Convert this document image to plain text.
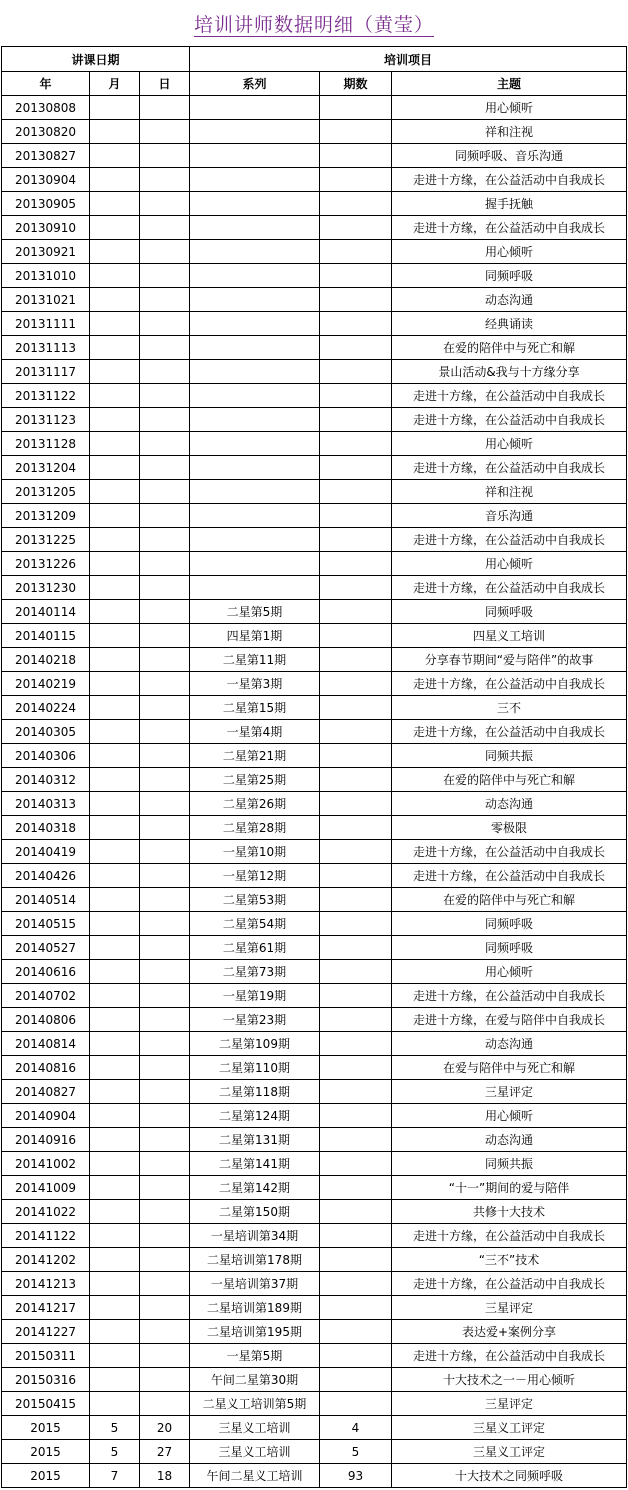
培训讲师数据明细（黄莹）
讲课日期			培训项目		
年	月	日	系列	期数	主题
20130808					用心倾听
20130820					祥和注视
20130827					同频呼吸、音乐沟通
20130904					走进十方缘，在公益活动中自我成长
20130905					握手抚触
20130910					走进十方缘，在公益活动中自我成长
20130921					用心倾听
20131010					同频呼吸
20131021					动态沟通
20131111					经典诵读
20131113					在爱的陪伴中与死亡和解
20131117					景山活动&我与十方缘分享
20131122					走进十方缘，在公益活动中自我成长
20131123					走进十方缘，在公益活动中自我成长
20131128					用心倾听
20131204					走进十方缘，在公益活动中自我成长
20131205					祥和注视
20131209					音乐沟通
20131225					走进十方缘，在公益活动中自我成长
20131226					用心倾听
20131230					走进十方缘，在公益活动中自我成长
20140114			二星第5期		同频呼吸
20140115			四星第1期		四星义工培训
20140218			二星第11期		分享春节期间“爱与陪伴”的故事
20140219			一星第3期		走进十方缘，在公益活动中自我成长
20140224			二星第15期		三不
20140305			一星第4期		走进十方缘，在公益活动中自我成长
20140306			二星第21期		同频共振
20140312			二星第25期		在爱的陪伴中与死亡和解
20140313			二星第26期		动态沟通
20140318			二星第28期		零极限
20140419			一星第10期		走进十方缘，在公益活动中自我成长
20140426			一星第12期		走进十方缘，在公益活动中自我成长
20140514			二星第53期		在爱的陪伴中与死亡和解
20140515			二星第54期		同频呼吸
20140527			二星第61期		同频呼吸
20140616			二星第73期		用心倾听
20140702			一星第19期		走进十方缘，在公益活动中自我成长
20140806			一星第23期		走进十方缘，在爱与陪伴中自我成长
20140814			二星第109期		动态沟通
20140816			二星第110期		在爱与陪伴中与死亡和解
20140827			二星第118期		三星评定
20140904			二星第124期		用心倾听
20140916			二星第131期		动态沟通
20141002			二星第141期		同频共振
20141009			二星第142期		“十一”期间的爱与陪伴
20141022			二星第150期		共修十大技术
20141122			一星培训第34期		走进十方缘，在公益活动中自我成长
20141202			二星培训第178期		“三不”技术
20141213			一星培训第37期		走进十方缘，在公益活动中自我成长
20141217			二星培训第189期		三星评定
20141227			二星培训第195期		表达爱+案例分享
20150311			一星第5期		走进十方缘，在公益活动中自我成长
20150316			午间二星第30期		十大技术之一－用心倾听
20150415			二星义工培训第5期		三星评定
2015	5	20	三星义工培训	4	三星义工评定
2015	5	27	三星义工培训	5	三星义工评定
2015	7	18	午间二星义工培训	93	十大技术之同频呼吸
